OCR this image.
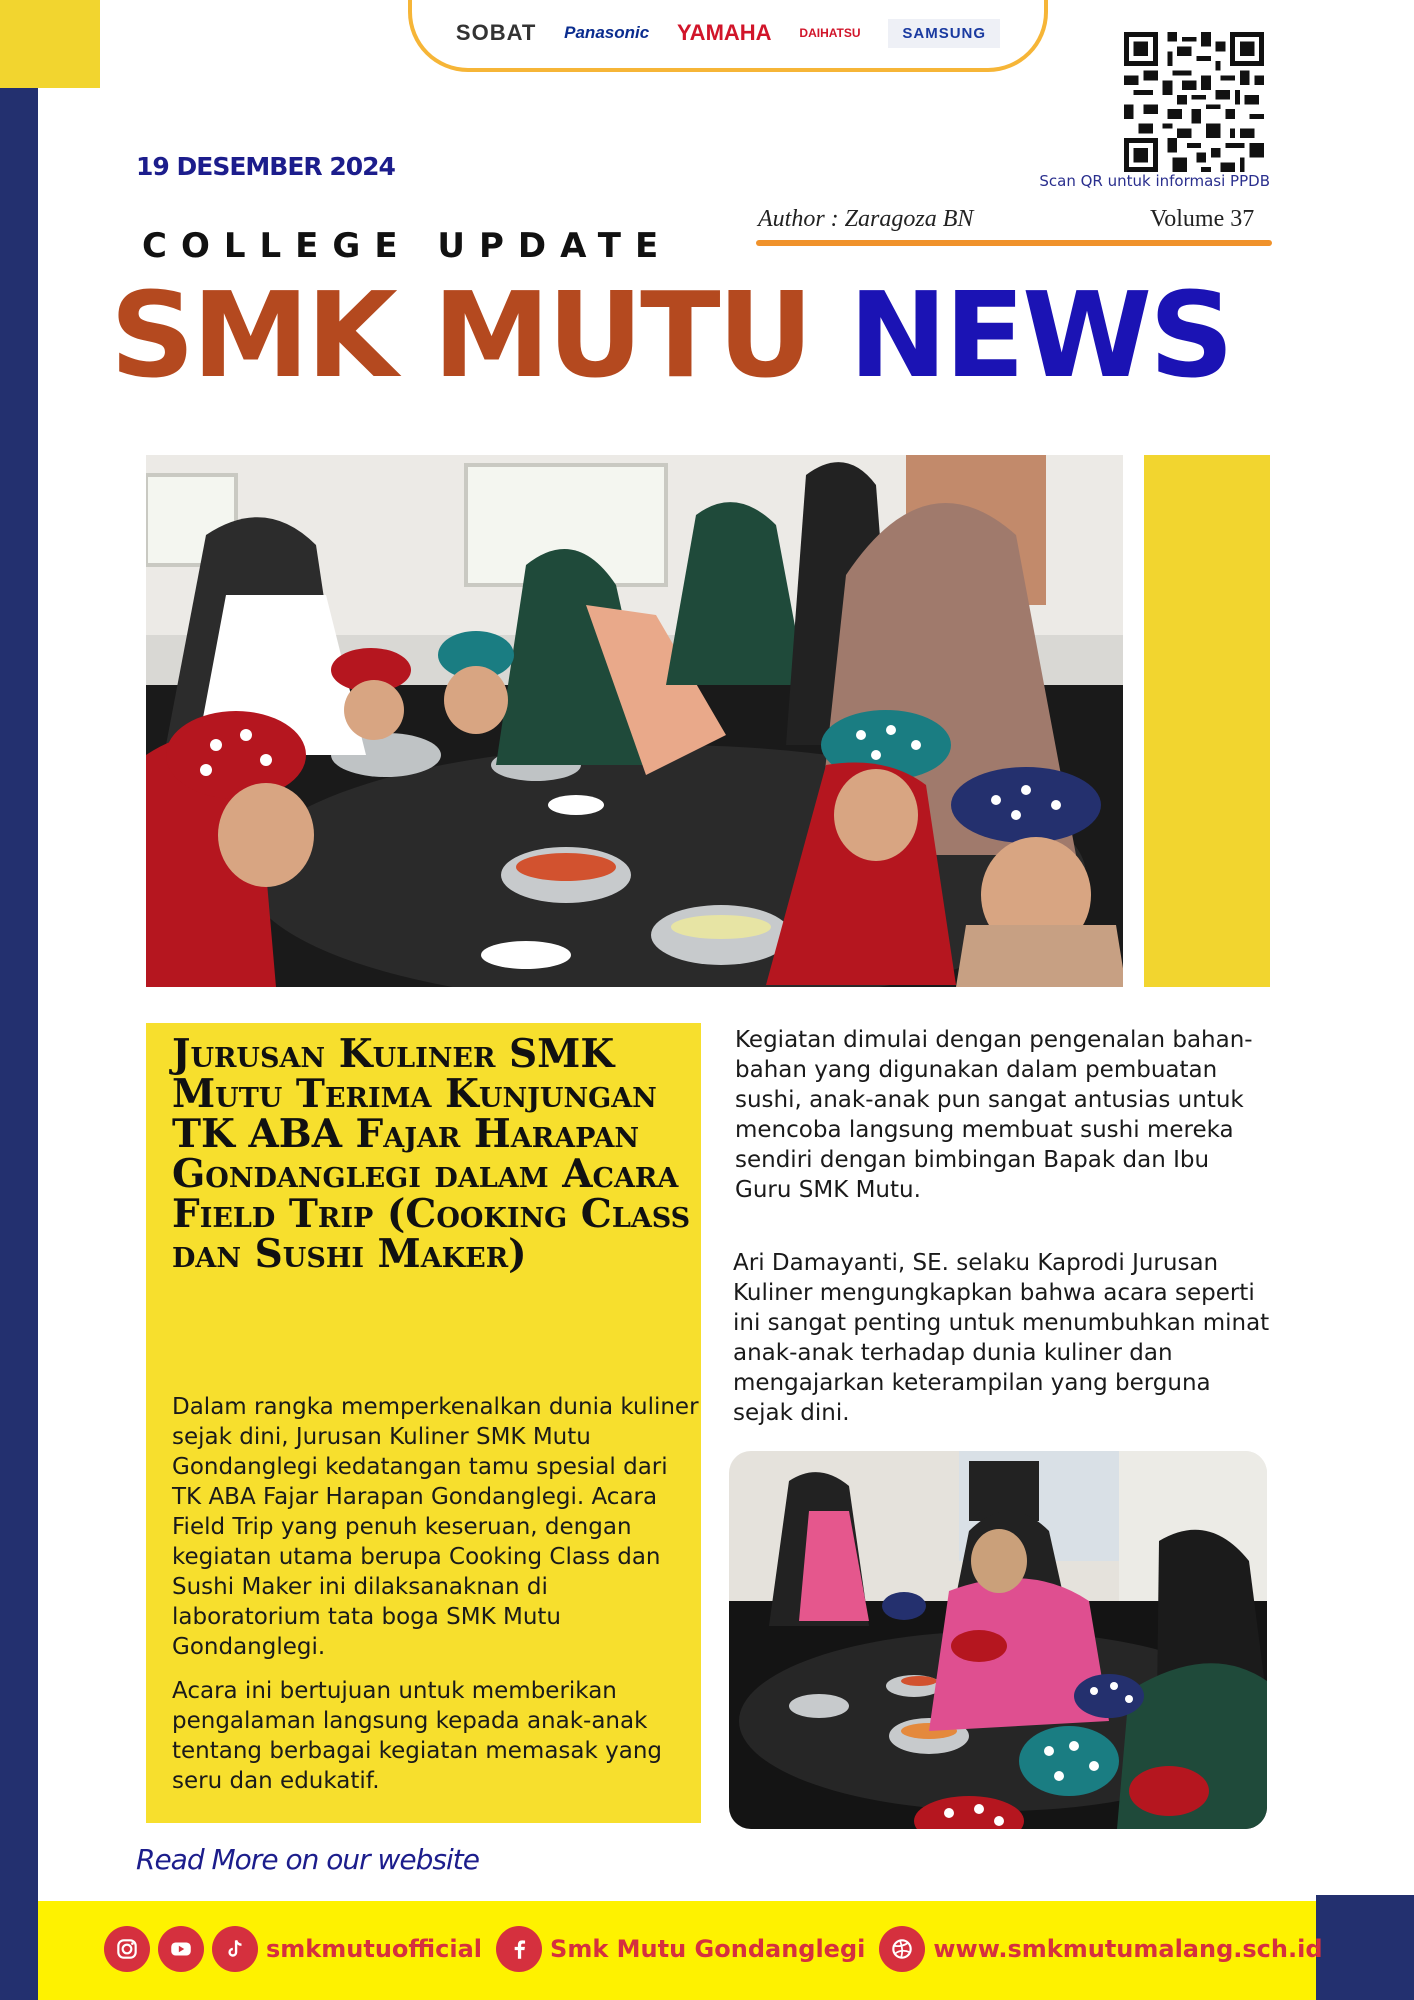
SOBAT Panasonic YAMAHA DAIHATSU	SAMSUNG
Scan QR untuk informasi PPDB
19 DESEMBER 2024
Author : Zaragoza BN	Volume 37
COLLEGE UPDATE
SMK MUTU NEWS
Jurusan Kuliner SMK Mutu Terima Kunjungan TK ABA Fajar Harapan Gondanglegi dalam Acara Field Trip (Cooking Class dan Sushi Maker)
Dalam rangka memperkenalkan dunia kuliner sejak dini, Jurusan Kuliner SMK Mutu Gondanglegi kedatangan tamu spesial dari TK ABA Fajar Harapan Gondanglegi. Acara Field Trip yang penuh keseruan, dengan kegiatan utama berupa Cooking Class dan Sushi Maker ini dilaksanaknan di laboratorium tata boga SMK Mutu Gondanglegi.
Acara ini bertujuan untuk memberikan pengalaman langsung kepada anak-anak tentang berbagai kegiatan memasak yang seru dan edukatif.
Kegiatan dimulai dengan pengenalan bahan-bahan yang digunakan dalam pembuatan sushi, anak-anak pun sangat antusias untuk mencoba langsung membuat sushi mereka sendiri dengan bimbingan Bapak dan Ibu Guru SMK Mutu.
Ari Damayanti, SE. selaku Kaprodi Jurusan Kuliner mengungkapkan bahwa acara seperti ini sangat penting untuk menumbuhkan minat anak-anak terhadap dunia kuliner dan mengajarkan keterampilan yang berguna sejak dini.
Read More on our website
smkmutuofficial	Smk Mutu Gondanglegi	www.smkmutumalang.sch.id
